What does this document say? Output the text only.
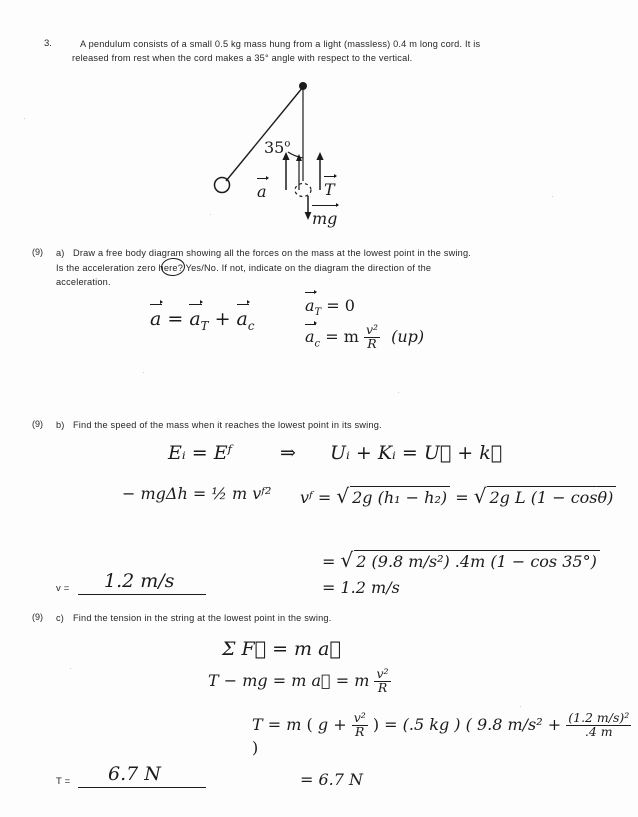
3.	A pendulum consists of a small 0.5 kg mass hung from a light (massless) 0.4 m long cord. It is
released from rest when the cord makes a 35° angle with respect to the vertical.
35$^o$
a	T
mg
(9) a) Draw a free body diagram showing all the forces on the mass at the lowest point in the swing.
Is the acceleration zero here? Yes/No. If not, indicate on the diagram the direction of the
acceleration.
$a = a_T + a_c$
$a_T = 0$
$a_c = m \frac{\text{v²}}{R} (up)$
(9) b) Find the speed of the mass when it reaches the lowest point in its swing.
Eᵢ = Eᶠ	⇒ Uᵢ + Kᵢ = U򐅒 + k򐅒
− mgΔh = ½ m vᶠ² vᶠ = √ 2g (h₁ − h₂) = √ 2g L (1 − cosθ)
= √ 2 (9.8 m/s²) .4m (1 − cos 35°)
= 1.2 m/s
v = 1.2 m/s
(9) c) Find the tension in the string at the lowest point in the swing.
Σ F򐅢 = m a򐅢
T − mg = m a򐄄 = m $\frac{\text{v²}}{R}$
T = m ( $g + \frac{\text{v²}}{R}$ ) = (.5 kg ) ( 9.8 $m/s^2 + \frac{\text{(1.2 m/s)²}}{.4 m}$
)
= 6.7 N
T = 6.7 N
